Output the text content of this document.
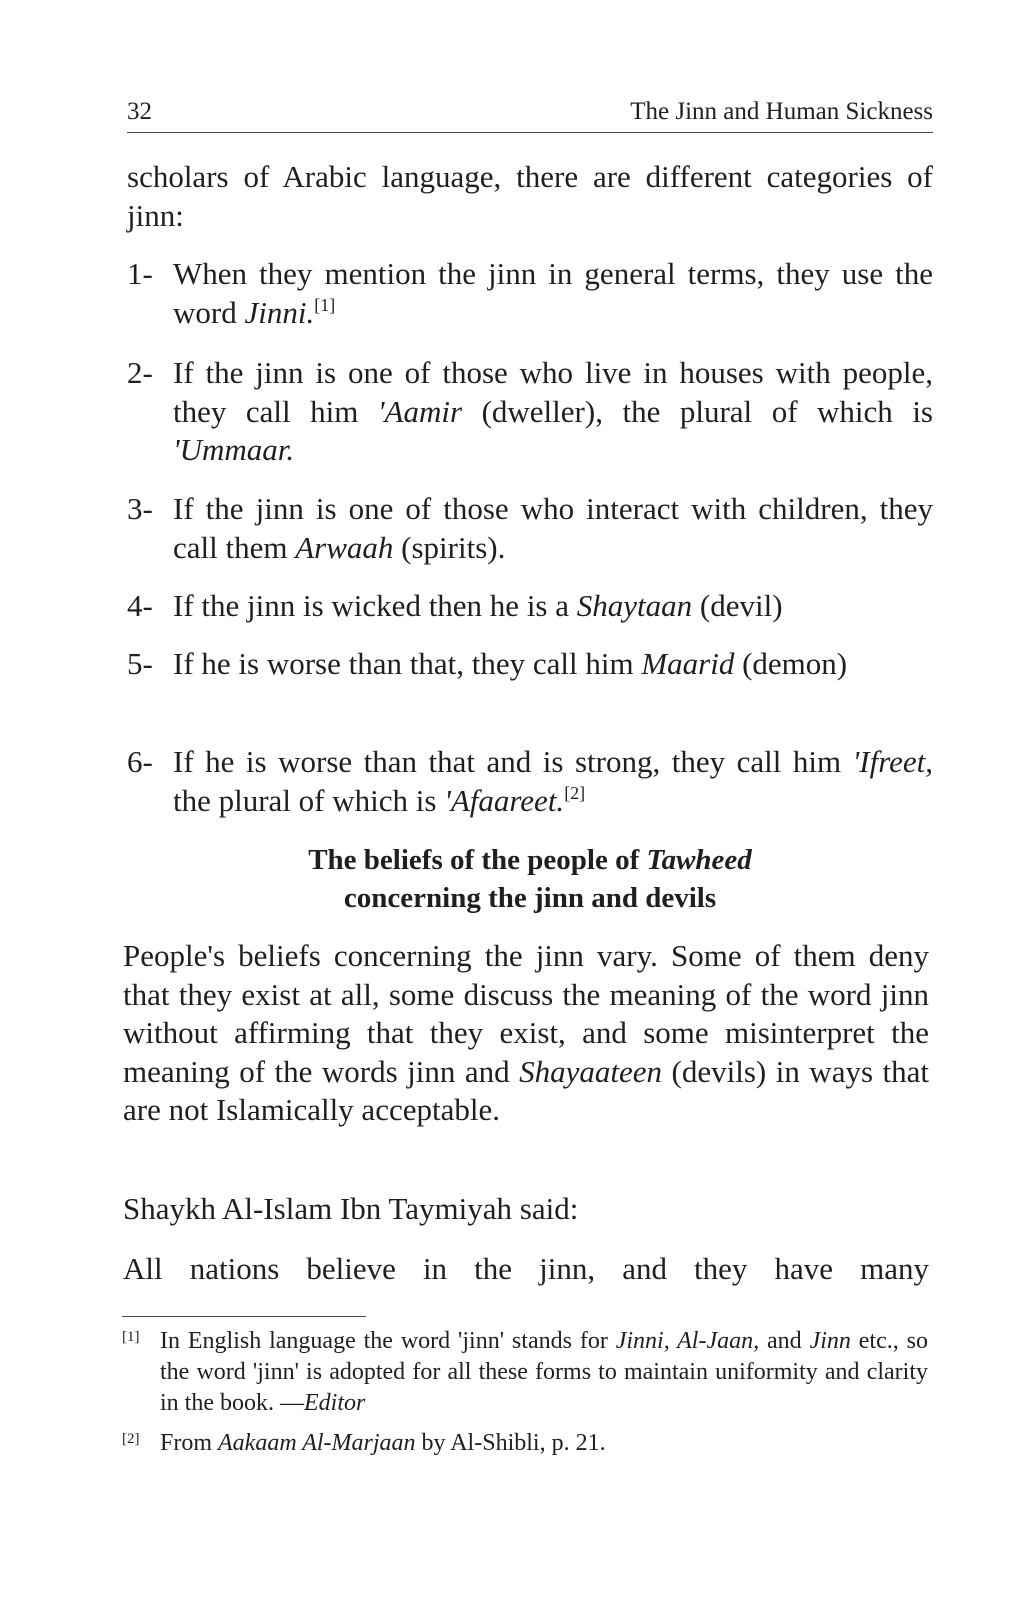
32	The Jinn and Human Sickness
scholars of Arabic language, there are different categories of jinn:
1- When they mention the jinn in general terms, they use the word Jinni.[1]
2- If the jinn is one of those who live in houses with people, they call him 'Aamir (dweller), the plural of which is 'Ummaar.
3- If the jinn is one of those who interact with children, they call them Arwaah (spirits).
4- If the jinn is wicked then he is a Shaytaan (devil)
5- If he is worse than that, they call him Maarid (demon)
6- If he is worse than that and is strong, they call him 'Ifreet, the plural of which is 'Afaareet.[2]
The beliefs of the people of Tawheed
concerning the jinn and devils
People's beliefs concerning the jinn vary. Some of them deny that they exist at all, some discuss the meaning of the word jinn without affirming that they exist, and some misinterpret the meaning of the words jinn and Shayaateen (devils) in ways that are not Islamically acceptable.
Shaykh Al-Islam Ibn Taymiyah said:
All nations believe in the jinn, and they have many
[1] In English language the word 'jinn' stands for Jinni, Al-Jaan, and Jinn etc., so the word 'jinn' is adopted for all these forms to maintain uniformity and clarity in the book. —Editor
[2] From Aakaam Al-Marjaan by Al-Shibli, p. 21.
